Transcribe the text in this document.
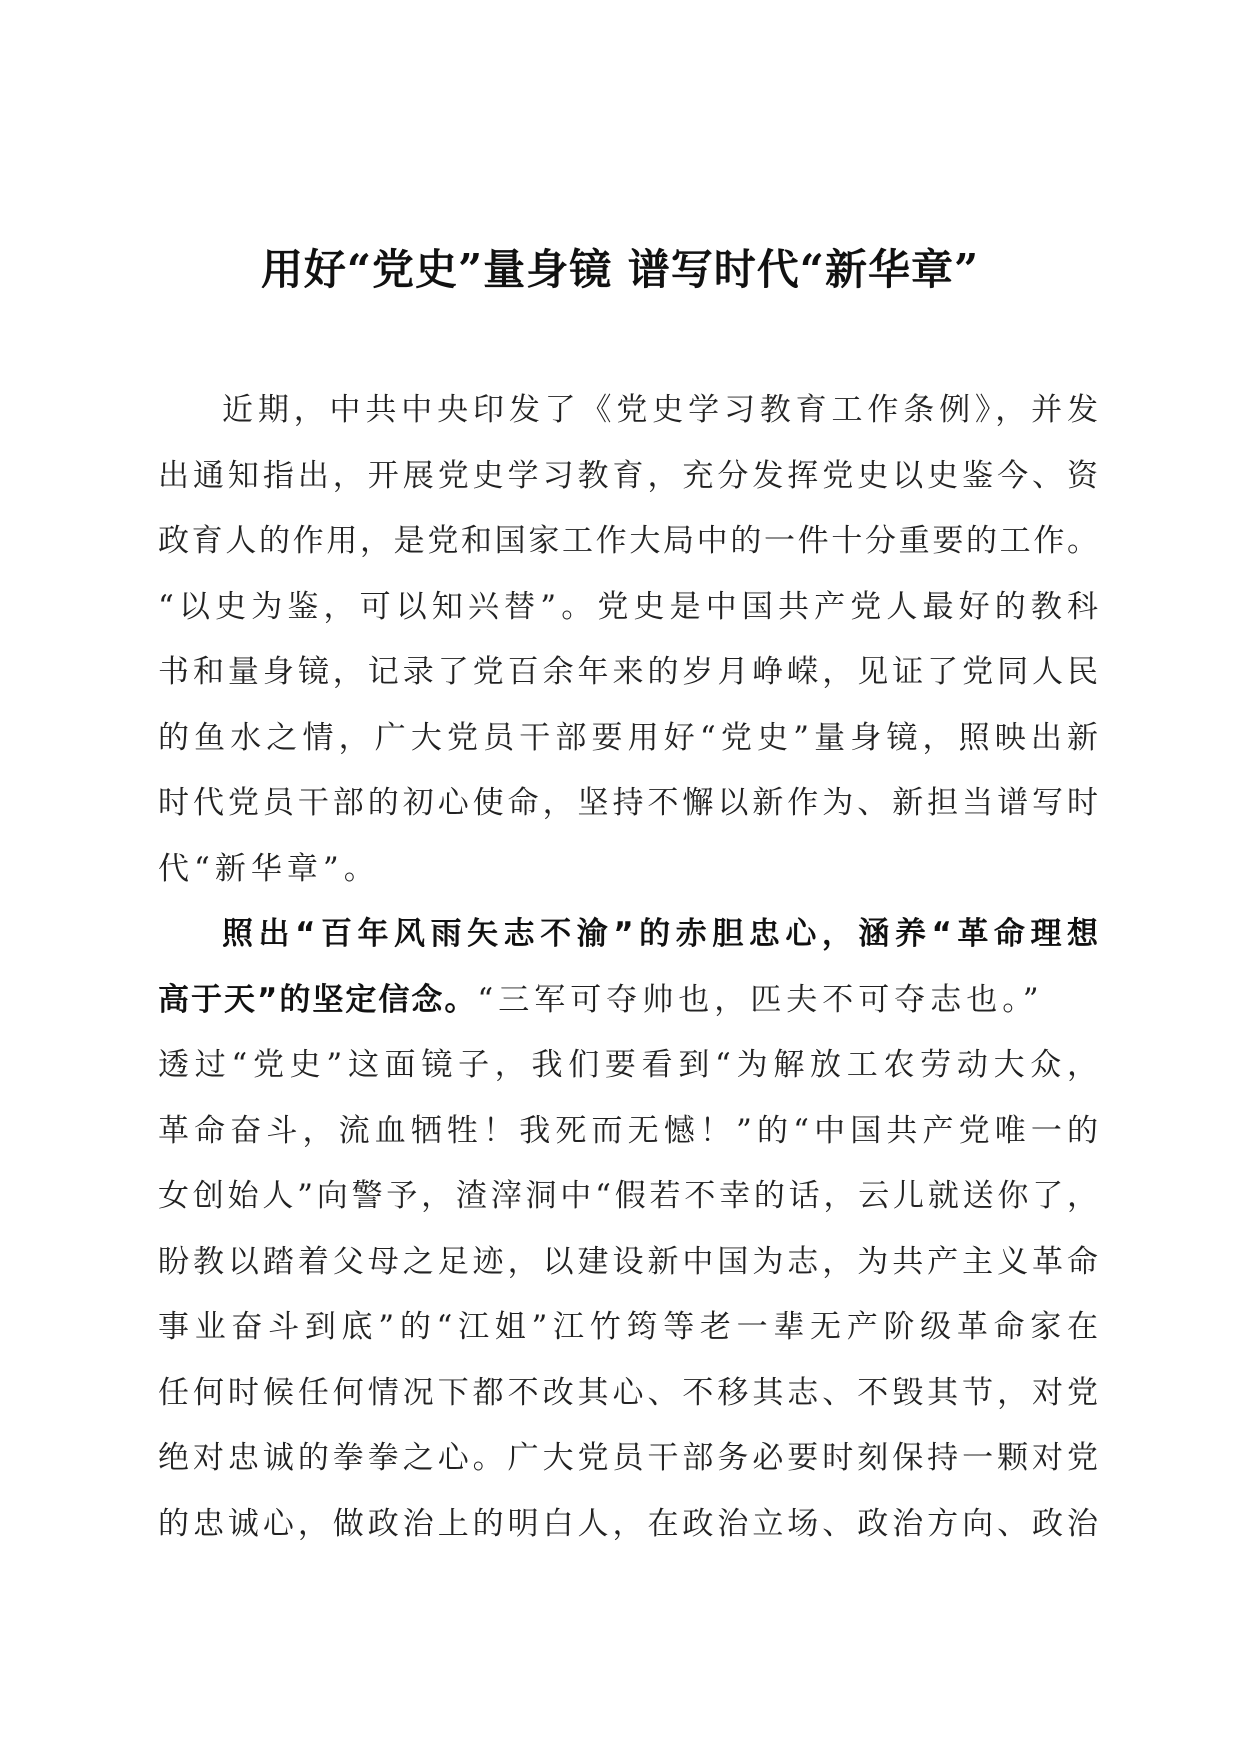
用好“党史”量身镜 谱写时代“新华章”
近期，中共中央印发了《党史学习教育工作条例》，并发
出通知指出，开展党史学习教育，充分发挥党史以史鉴今、资
政育人的作用，是党和国家工作大局中的一件十分重要的工作。
“以史为鉴，可以知兴替”。党史是中国共产党人最好的教科
书和量身镜，记录了党百余年来的岁月峥嵘，见证了党同人民
的鱼水之情，广大党员干部要用好“党史”量身镜，照映出新
时代党员干部的初心使命，坚持不懈以新作为、新担当谱写时
代“新华章”。
照出“百年风雨矢志不渝”的赤胆忠心，涵养“革命理想
高于天”的坚定信念。“三军可夺帅也，匹夫不可夺志也。”
透过“党史”这面镜子，我们要看到“为解放工农劳动大众，
革命奋斗，流血牺牲！我死而无憾！”的“中国共产党唯一的
女创始人”向警予，渣滓洞中“假若不幸的话，云儿就送你了，
盼教以踏着父母之足迹，以建设新中国为志，为共产主义革命
事业奋斗到底”的“江姐”江竹筠等老一辈无产阶级革命家在
任何时候任何情况下都不改其心、不移其志、不毁其节，对党
绝对忠诚的拳拳之心。广大党员干部务必要时刻保持一颗对党
的忠诚心，做政治上的明白人，在政治立场、政治方向、政治
